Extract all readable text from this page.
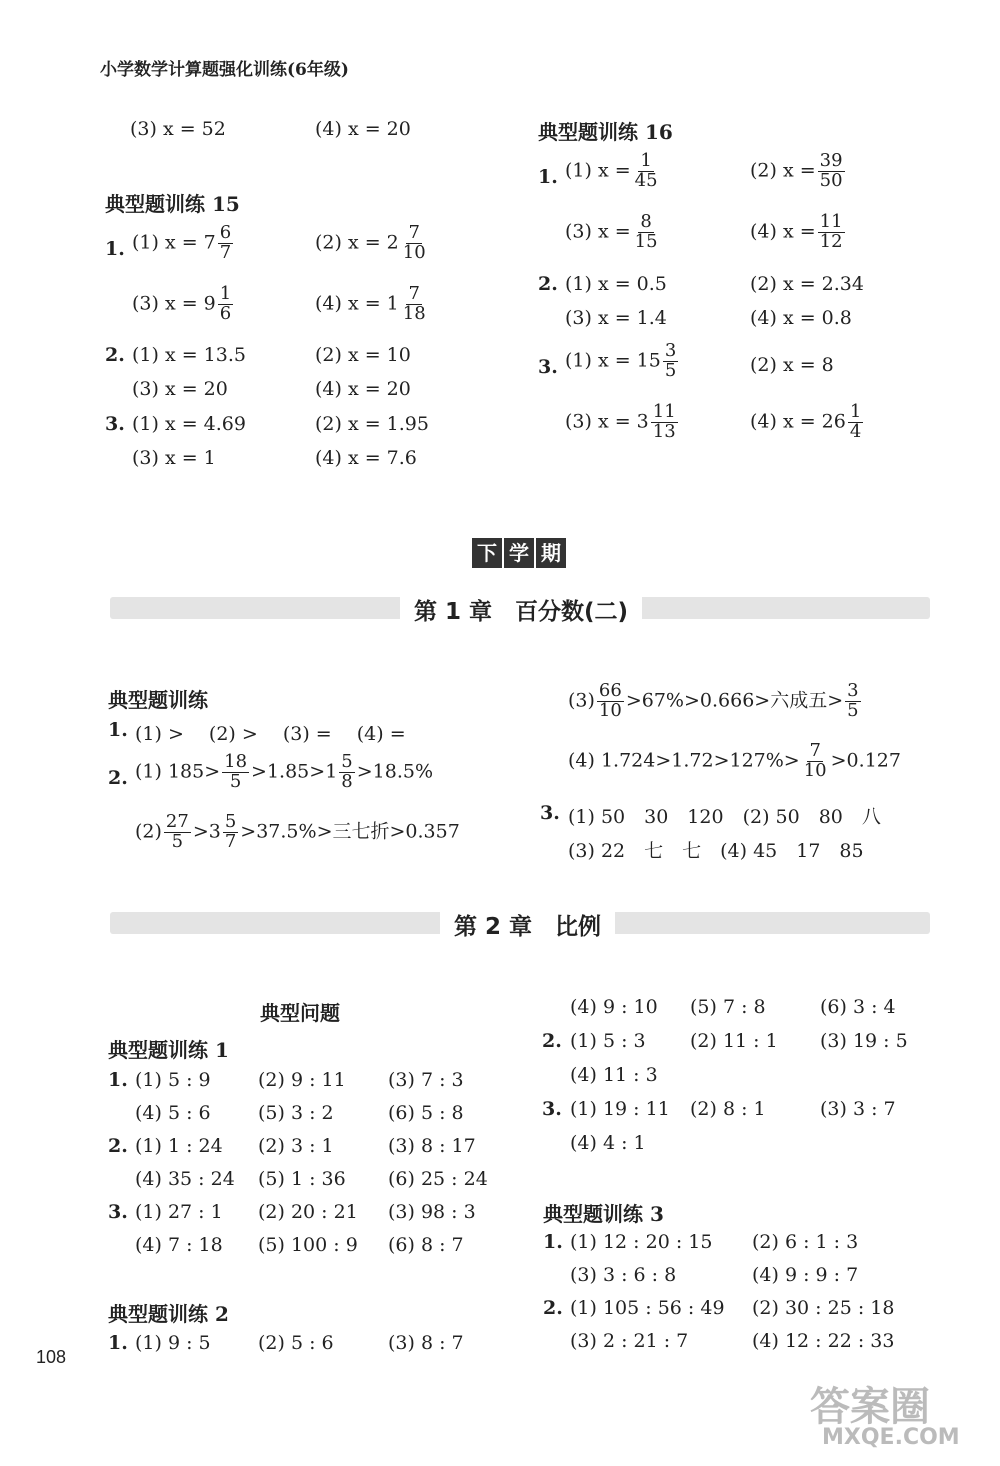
小学数学计算题强化训练(6年级)
(3) x = 52	(4) x = 20
典型题训练 15
1. (1) $x = 7 \frac{6}{7}$	(2) $x = 2 \frac{7}{10}$
(3) $x = 9 \frac{1}{6}$	(4) $x = 1 \frac{7}{18}$
2. (1) x = 13.5	(2) x = 10
(3) x = 20	(4) x = 20
3. (1) x = 4.69	(2) x = 1.95
(3) x = 1	(4) x = 7.6
典型题训练 16
1. (1) $x = \frac{1}{45}$	(2) $x = \frac{39}{50}$
(3) $x = \frac{8}{15}$	(4) $x = \frac{11}{12}$
2. (1) x = 0.5	(2) x = 2.34
(3) x = 1.4	(4) x = 0.8
3. (1) $x = 15 \frac{3}{5}$	(2) x = 8
(3) $x = 3 \frac{11}{13}$	(4) $x = 26 \frac{1}{4}$
下 学 期
第 1 章　百分数(二)
典型题训练
1. (1) >　 (2) >　 (3) =　 (4) =
2. (1) $185> \frac{18}{5} >1.85>1 \frac{5}{8} >18.5\%$
$(2) \frac{27}{5} >3 \frac{5}{7} >37.5\%>$三七折>0.357
$(3) \frac{66}{10} >67\%>0.666>$六成五> $\frac{3}{5}$
(4) $1.724>1.72>127\%> \frac{7}{10} >0.127$
3. (1) 50　30　120　(2) 50　80　八
(3) 22　七　七　(4) 45　17　85
第 2 章　比例
典型问题
典型题训练 1
1. (1) 5 : 9 (2) 9 : 11 (3) 7 : 3
(4) 5 : 6 (5) 3 : 2	(6) 5 : 8
2. (1) 1 : 24 (2) 3 : 1	(3) 8 : 17
(4) 35 : 24 (5) 1 : 36 (6) 25 : 24
3. (1) 27 : 1 (2) 20 : 21 (3) 98 : 3
(4) 7 : 18 (5) 100 : 9 (6) 8 : 7
典型题训练 2
1. (1) 9 : 5 (2) 5 : 6	(3) 8 : 7
(4) 9 : 10 (5) 7 : 8	(6) 3 : 4
2. (1) 5 : 3 (2) 11 : 1 (3) 19 : 5
(4) 11 : 3
3. (1) 19 : 11 (2) 8 : 1	(3) 3 : 7
(4) 4 : 1
典型题训练 3
1. (1) 12 : 20 : 15 (2) 6 : 1 : 3
(3) 3 : 6 : 8	(4) 9 : 9 : 7
2. (1) 105 : 56 : 49 (2) 30 : 25 : 18
(3) 2 : 21 : 7	(4) 12 : 22 : 33
108
答案圈
MXQE.COM
